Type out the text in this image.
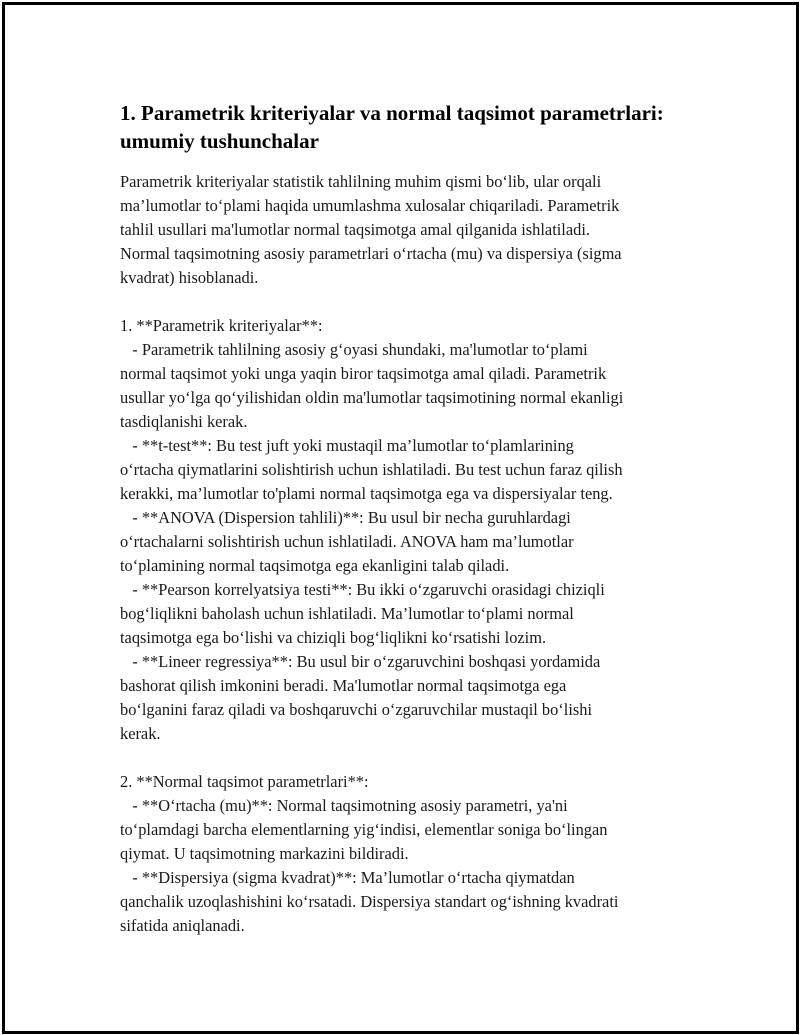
1. Parametrik kriteriyalar va normal taqsimot parametrlari:
umumiy tushunchalar

Parametrik kriteriyalar statistik tahlilning muhim qismi bo‘lib, ular orqali
ma’lumotlar to‘plami haqida umumlashma xulosalar chiqariladi. Parametrik
tahlil usullari ma'lumotlar normal taqsimotga amal qilganida ishlatiladi.
Normal taqsimotning asosiy parametrlari o‘rtacha (mu) va dispersiya (sigma
kvadrat) hisoblanadi.

1. **Parametrik kriteriyalar**:
- Parametrik tahlilning asosiy g‘oyasi shundaki, ma'lumotlar to‘plami
normal taqsimot yoki unga yaqin biror taqsimotga amal qiladi. Parametrik
usullar yo‘lga qo‘yilishidan oldin ma'lumotlar taqsimotining normal ekanligi
tasdiqlanishi kerak.
- **t-test**: Bu test juft yoki mustaqil ma’lumotlar to‘plamlarining
o‘rtacha qiymatlarini solishtirish uchun ishlatiladi. Bu test uchun faraz qilish
kerakki, ma’lumotlar to'plami normal taqsimotga ega va dispersiyalar teng.
- **ANOVA (Dispersion tahlili)**: Bu usul bir necha guruhlardagi
o‘rtachalarni solishtirish uchun ishlatiladi. ANOVA ham ma’lumotlar
to‘plamining normal taqsimotga ega ekanligini talab qiladi.
- **Pearson korrelyatsiya testi**: Bu ikki o‘zgaruvchi orasidagi chiziqli
bog‘liqlikni baholash uchun ishlatiladi. Ma’lumotlar to‘plami normal
taqsimotga ega bo‘lishi va chiziqli bog‘liqlikni ko‘rsatishi lozim.
- **Lineer regressiya**: Bu usul bir o‘zgaruvchini boshqasi yordamida
bashorat qilish imkonini beradi. Ma'lumotlar normal taqsimotga ega
bo‘lganini faraz qiladi va boshqaruvchi o‘zgaruvchilar mustaqil bo‘lishi
kerak.

2. **Normal taqsimot parametrlari**:
- **O‘rtacha (mu)**: Normal taqsimotning asosiy parametri, ya'ni
to‘plamdagi barcha elementlarning yig‘indisi, elementlar soniga bo‘lingan
qiymat. U taqsimotning markazini bildiradi.
- **Dispersiya (sigma kvadrat)**: Ma’lumotlar o‘rtacha qiymatdan
qanchalik uzoqlashishini ko‘rsatadi. Dispersiya standart og‘ishning kvadrati
sifatida aniqlanadi.
